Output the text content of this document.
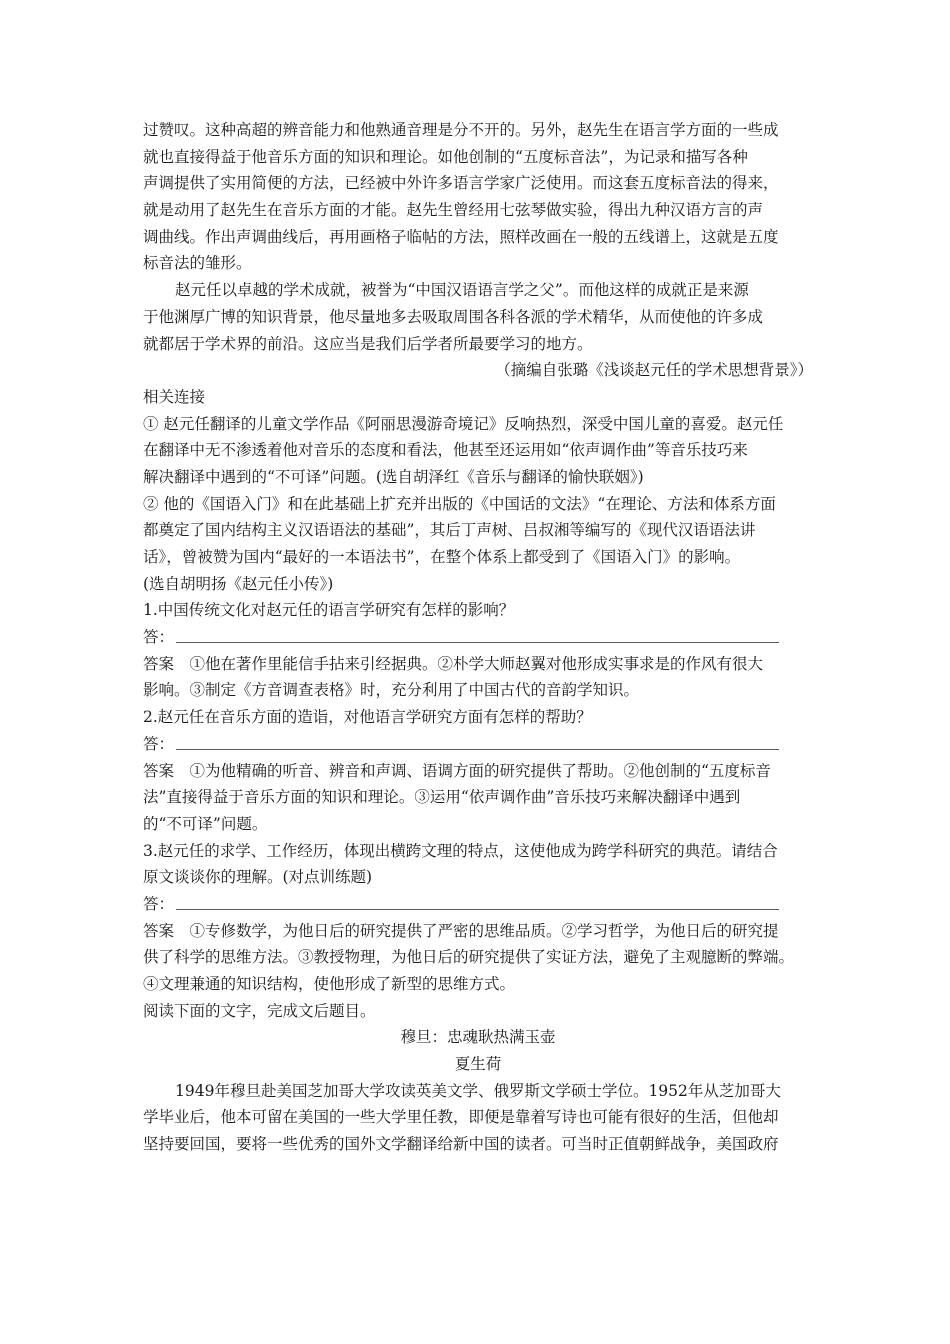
过赞叹。这种高超的辨音能力和他熟通音理是分不开的。另外，赵先生在语言学方面的一些成
就也直接得益于他音乐方面的知识和理论。如他创制的“五度标音法”，为记录和描写各种
声调提供了实用简便的方法，已经被中外许多语言学家广泛使用。而这套五度标音法的得来，
就是动用了赵先生在音乐方面的才能。赵先生曾经用七弦琴做实验，得出九种汉语方言的声
调曲线。作出声调曲线后，再用画格子临帖的方法，照样改画在一般的五线谱上，这就是五度
标音法的雏形。
赵元任以卓越的学术成就，被誉为“中国汉语语言学之父”。而他这样的成就正是来源
于他渊厚广博的知识背景，他尽量地多去吸取周围各科各派的学术精华，从而使他的许多成
就都居于学术界的前沿。这应当是我们后学者所最要学习的地方。
（摘编自张璐《浅谈赵元任的学术思想背景》）
相关连接
① 赵元任翻译的儿童文学作品《阿丽思漫游奇境记》反响热烈，深受中国儿童的喜爱。赵元任
在翻译中无不渗透着他对音乐的态度和看法，他甚至还运用如“依声调作曲”等音乐技巧来
解决翻译中遇到的“不可译”问题。(选自胡泽红《音乐与翻译的愉快联姻》)
② 他的《国语入门》和在此基础上扩充并出版的《中国话的文法》“在理论、方法和体系方面
都奠定了国内结构主义汉语语法的基础”，其后丁声树、吕叔湘等编写的《现代汉语语法讲
话》，曾被赞为国内“最好的一本语法书”，在整个体系上都受到了《国语入门》的影响。
(选自胡明扬《赵元任小传》)
1.中国传统文化对赵元任的语言学研究有怎样的影响？
答：
答案　①他在著作里能信手拈来引经据典。②朴学大师赵翼对他形成实事求是的作风有很大
影响。③制定《方音调查表格》时，充分利用了中国古代的音韵学知识。
2.赵元任在音乐方面的造诣，对他语言学研究方面有怎样的帮助？
答：
答案　①为他精确的听音、辨音和声调、语调方面的研究提供了帮助。②他创制的“五度标音
法”直接得益于音乐方面的知识和理论。③运用“依声调作曲”音乐技巧来解决翻译中遇到
的“不可译”问题。
3.赵元任的求学、工作经历，体现出横跨文理的特点，这使他成为跨学科研究的典范。请结合
原文谈谈你的理解。(对点训练题)
答：
答案　①专修数学，为他日后的研究提供了严密的思维品质。②学习哲学，为他日后的研究提
供了科学的思维方法。③教授物理，为他日后的研究提供了实证方法，避免了主观臆断的弊端。
④文理兼通的知识结构，使他形成了新型的思维方式。
阅读下面的文字，完成文后题目。
穆旦：忠魂耿热满玉壶
夏生荷
1949年穆旦赴美国芝加哥大学攻读英美文学、俄罗斯文学硕士学位。1952年从芝加哥大
学毕业后，他本可留在美国的一些大学里任教，即便是靠着写诗也可能有很好的生活，但他却
坚持要回国，要将一些优秀的国外文学翻译给新中国的读者。可当时正值朝鲜战争，美国政府
